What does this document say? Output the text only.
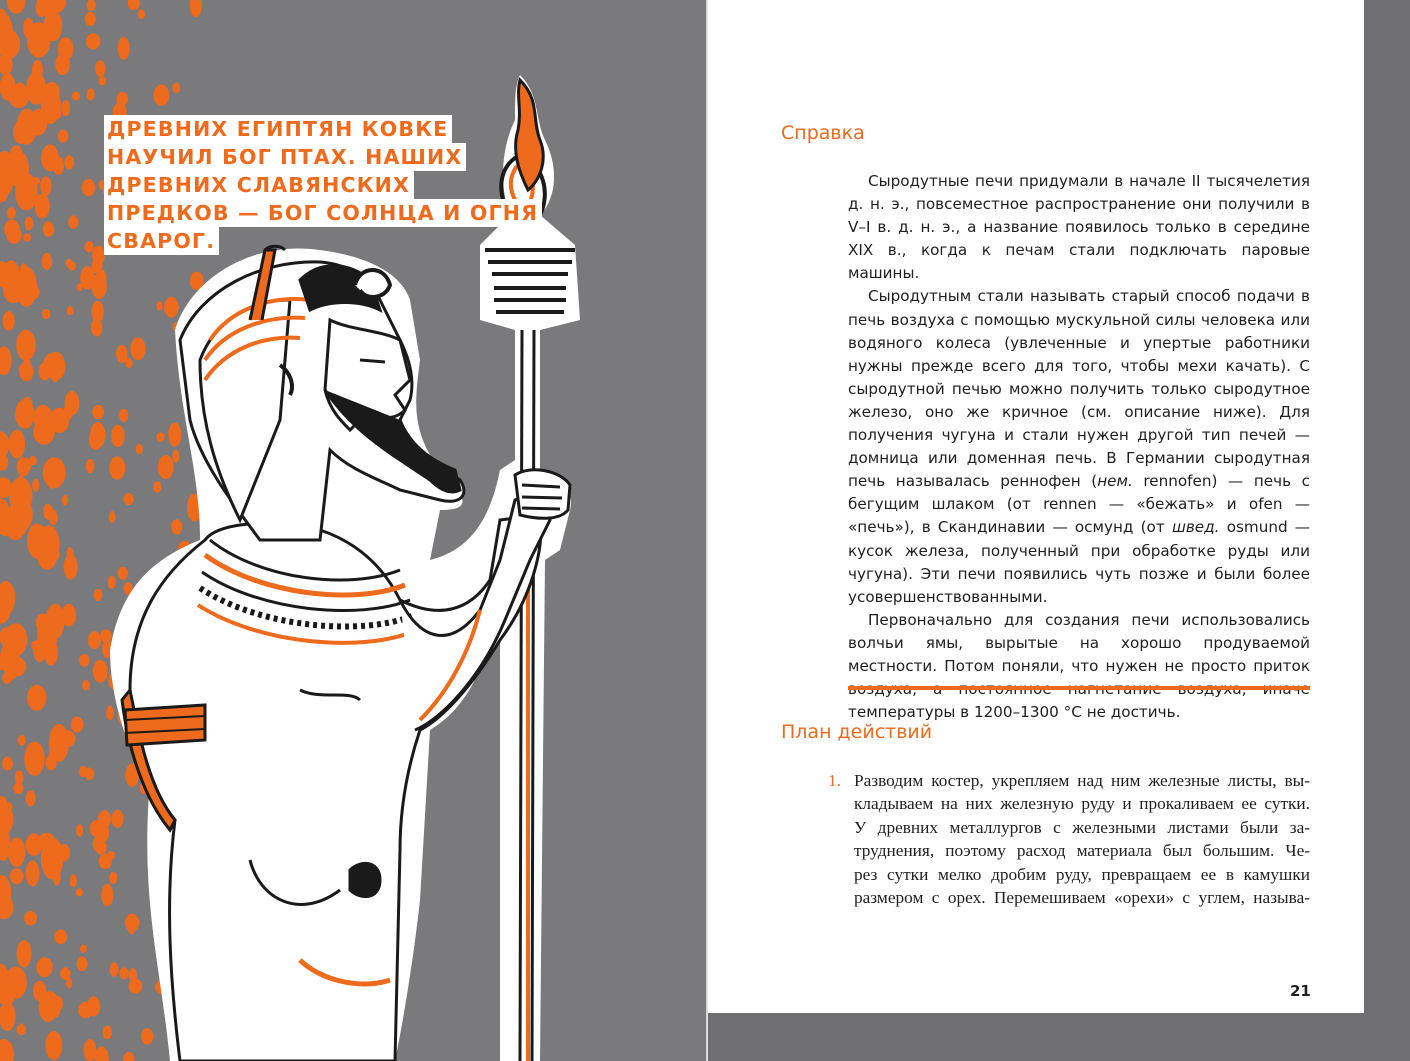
ДРЕВНИХ ЕГИПТЯН КОВКЕ
НАУЧИЛ БОГ ПТАХ. НАШИХ
ДРЕВНИХ СЛАВЯНСКИХ
ПРЕДКОВ — БОГ СОЛНЦА И ОГНЯ
СВАРОГ.
Справка

Сыродутные печи придумали в начале II тысячелетия д. н. э., повсеместное распространение они получили в V–I в. д. н. э., а название появилось только в середине XIX в., когда к печам стали подключать паровые машины.

Сыродутным стали называть старый способ подачи в печь воздуха с помощью мускульной силы человека или водяного колеса (увлеченные и упертые работники нужны прежде всего для того, чтобы мехи качать). С сыродутной печью можно получить только сыродутное железо, оно же кричное (см. описание ниже). Для получения чугуна и стали нужен другой тип печей — домница или доменная печь. В Германии сыродутная печь называлась реннофен (нем. rennofen) — печь с бегущим шлаком (от rennen — «бежать» и ofen — «печь»), в Скандинавии — осмунд (от швед. osmund — кусок железа, полученный при обработке руды или чугуна). Эти печи появились чуть позже и были более усовершенствованными.

Первоначально для создания печи использовались волчьи ямы, вырытые на хорошо продуваемой местности. Потом поняли, что нужен не просто приток температуры в 1200–1300 °С не достичь.

План действий
1. Разводим костер, укрепляем над ним железные листы, вы-
кладываем на них железную руду и прокаливаем ее сутки.
У древних металлургов с железными листами были за-
труднения, поэтому расход материала был большим. Че-
рез сутки мелко дробим руду, превращаем ее в камушки
размером с орех. Перемешиваем «орехи» с углем, называ-
21
